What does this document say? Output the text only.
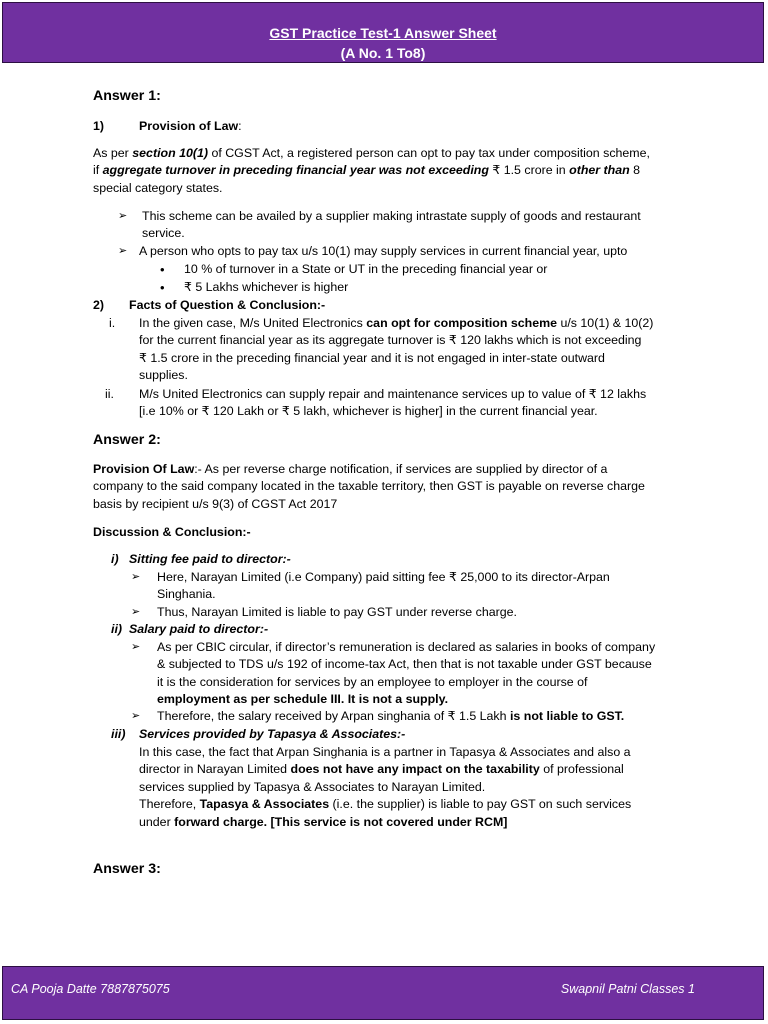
GST Practice Test-1 Answer Sheet
(A No. 1 To8)
Answer 1:
1)	Provision of Law:
As per section 10(1) of CGST Act, a registered person can opt to pay tax under composition scheme,
if aggregate turnover in preceding financial year was not exceeding ₹ 1.5 crore in other than 8
special category states.
➢ This scheme can be availed by a supplier making intrastate supply of goods and restaurant
service.
➢ A person who opts to pay tax u/s 10(1) may supply services in current financial year, upto
• 10 % of turnover in a State or UT in the preceding financial year or
• ₹ 5 Lakhs whichever is higher
2) Facts of Question & Conclusion:-
i. In the given case, M/s United Electronics can opt for composition scheme u/s 10(1) & 10(2)
for the current financial year as its aggregate turnover is ₹ 120 lakhs which is not exceeding
₹ 1.5 crore in the preceding financial year and it is not engaged in inter-state outward
supplies.
ii. M/s United Electronics can supply repair and maintenance services up to value of ₹ 12 lakhs
[i.e 10% or ₹ 120 Lakh or ₹ 5 lakh, whichever is higher] in the current financial year.
Answer 2:
Provision Of Law:- As per reverse charge notification, if services are supplied by director of a
company to the said company located in the taxable territory, then GST is payable on reverse charge
basis by recipient u/s 9(3) of CGST Act 2017
Discussion & Conclusion:-
i) Sitting fee paid to director:-
➢ Here, Narayan Limited (i.e Company) paid sitting fee ₹ 25,000 to its director-Arpan
Singhania.
➢ Thus, Narayan Limited is liable to pay GST under reverse charge.
ii) Salary paid to director:-
➢ As per CBIC circular, if director’s remuneration is declared as salaries in books of company
& subjected to TDS u/s 192 of income-tax Act, then that is not taxable under GST because
it is the consideration for services by an employee to employer in the course of
employment as per schedule III. It is not a supply.
➢ Therefore, the salary received by Arpan singhania of ₹ 1.5 Lakh is not liable to GST.
iii) Services provided by Tapasya & Associates:-
In this case, the fact that Arpan Singhania is a partner in Tapasya & Associates and also a
director in Narayan Limited does not have any impact on the taxability of professional
services supplied by Tapasya & Associates to Narayan Limited.
Therefore, Tapasya & Associates (i.e. the supplier) is liable to pay GST on such services
under forward charge. [This service is not covered under RCM]
Answer 3:
CA Pooja Datte 7887875075	Swapnil Patni Classes 1
